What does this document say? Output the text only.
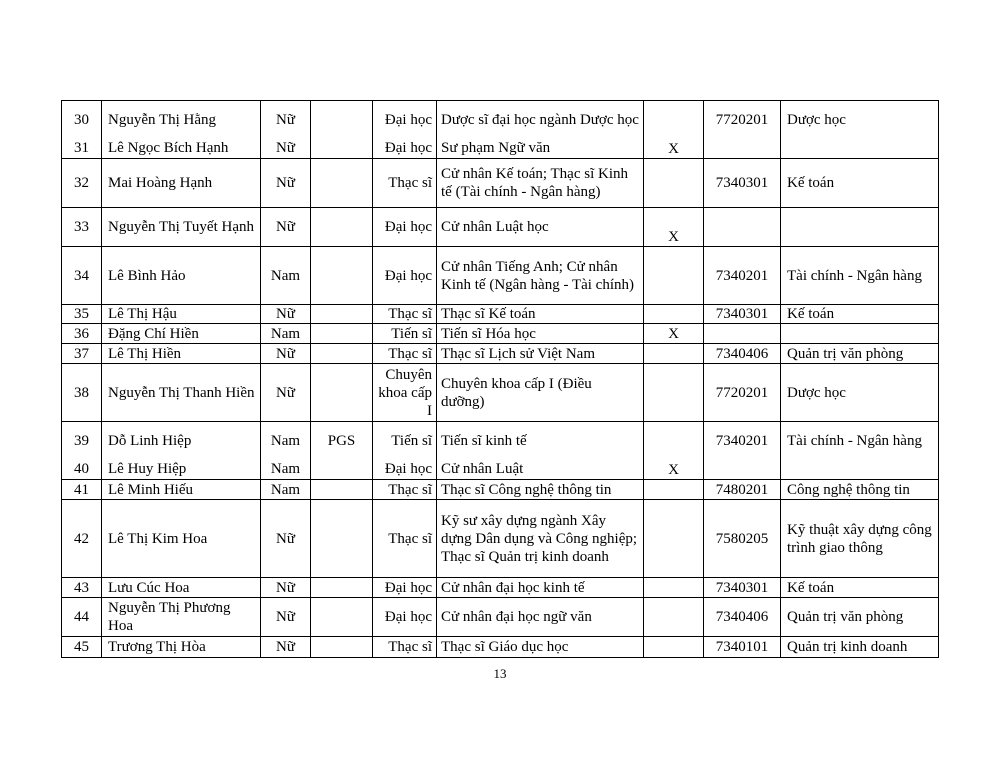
30	Nguyễn Thị Hằng	Nữ		Đại học	Dược sĩ đại học ngành Dược học		7720201	Dược học
31	Lê Ngọc Bích Hạnh	Nữ		Đại học	Sư phạm Ngữ văn	X		
32	Mai Hoàng Hạnh	Nữ		Thạc sĩ	Cử nhân Kế toán; Thạc sĩ Kinh tế (Tài chính - Ngân hàng)		7340301	Kế toán
33	Nguyễn Thị Tuyết Hạnh	Nữ		Đại học	Cử nhân Luật học	X		
34	Lê Bình Hảo	Nam		Đại học	Cử nhân Tiếng Anh; Cử nhân Kinh tế (Ngân hàng - Tài chính)		7340201	Tài chính - Ngân hàng
35	Lê Thị Hậu	Nữ		Thạc sĩ	Thạc sĩ Kế toán		7340301	Kế toán
36	Đặng Chí Hiền	Nam		Tiến sĩ	Tiến sĩ Hóa học	X		
37	Lê Thị Hiền	Nữ		Thạc sĩ	Thạc sĩ Lịch sử Việt Nam		7340406	Quản trị văn phòng
38	Nguyễn Thị Thanh Hiền	Nữ		Chuyên khoa cấp I	Chuyên khoa cấp I (Điều dưỡng)		7720201	Dược học
39	Dỗ Linh Hiệp	Nam	PGS	Tiến sĩ	Tiến sĩ kinh tế		7340201	Tài chính - Ngân hàng
40	Lê Huy Hiệp	Nam		Đại học	Cử nhân Luật	X		
41	Lê Minh Hiếu	Nam		Thạc sĩ	Thạc sĩ Công nghệ thông tin		7480201	Công nghệ thông tin
42	Lê Thị Kim Hoa	Nữ		Thạc sĩ	Kỹ sư xây dựng ngành Xây dựng Dân dụng và Công nghiệp; Thạc sĩ Quản trị kinh doanh		7580205	Kỹ thuật xây dựng công trình giao thông
43	Lưu Cúc Hoa	Nữ		Đại học	Cử nhân đại học kinh tế		7340301	Kế toán
44	Nguyễn Thị Phương Hoa	Nữ		Đại học	Cử nhân đại học ngữ văn		7340406	Quản trị văn phòng
45	Trương Thị Hòa	Nữ		Thạc sĩ	Thạc sĩ Giáo dục học		7340101	Quản trị kinh doanh
13
